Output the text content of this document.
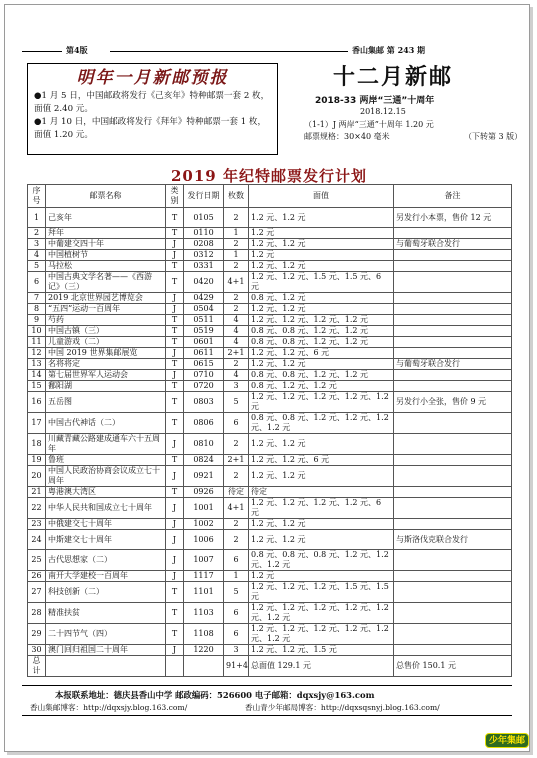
第4版	香山集邮 第 243 期
明年一月新邮预报
●1 月 5 日，中国邮政将发行《己亥年》特种邮票一套 2 枚，面值 2.40 元。
●1 月 10 日，中国邮政将发行《拜年》特种邮票一套 1 枚，面值 1.20 元。
十二月新邮
2018-33 两岸“三通”十周年
2018.12.15
（1-1）J 两岸“三通”十周年 1.20 元
邮票规格：30×40 毫米	（下转第 3 版）
2019 年纪特邮票发行计划
序号	邮票名称	类别	发行日期	枚数	面值	备注
1	己亥年	T	0105	2	1.2 元、1.2 元	另发行小本票，售价 12 元
2	拜年	T	0110	1	1.2 元	
3	中葡建交四十年	J	0208	2	1.2 元、1.2 元	与葡萄牙联合发行
4	中国植树节	J	0312	1	1.2 元	
5	马拉松	T	0331	2	1.2 元、1.2 元	
6	中国古典文学名著——《西游记》（三）	T	0420	4+1	1.2 元、1.2 元、1.5 元、1.5 元、6 元	
7	2019 北京世界园艺博览会	J	0429	2	0.8 元、1.2 元	
8	“五四”运动一百周年	J	0504	2	1.2 元、1.2 元	
9	芍药	T	0511	4	1.2 元、1.2 元、1.2 元、1.2 元	
10	中国古镇（三）	T	0519	4	0.8 元、0.8 元、1.2 元、1.2 元	
11	儿童游戏（二）	T	0601	4	0.8 元、0.8 元、1.2 元、1.2 元	
12	中国 2019 世界集邮展览	J	0611	2+1	1.2 元、1.2 元、6 元	
13	名将将定	T	0615	2	1.2 元、1.2 元	与葡萄牙联合发行
14	第七届世界军人运动会	J	0710	4	0.8 元、0.8 元、1.2 元、1.2 元	
15	鄱阳湖	T	0720	3	0.8 元、1.2 元、1.2 元	
16	五岳图	T	0803	5	1.2 元、1.2 元、1.2 元、1.2 元、1.2 元	另发行小全张，售价 9 元
17	中国古代神话（二）	T	0806	6	0.8 元、0.8 元、1.2 元、1.2 元、1.2 元、1.2 元	
18	川藏青藏公路建成通车六十五周年	J	0810	2	1.2 元、1.2 元	
19	鲁班	T	0824	2+1	1.2 元、1.2 元、6 元	
20	中国人民政治协商会议成立七十周年	J	0921	2	1.2 元、1.2 元	
21	粤港澳大湾区	T	0926	待定	待定	
22	中华人民共和国成立七十周年	J	1001	4+1	1.2 元、1.2 元、1.2 元、1.2 元、6 元	
23	中俄建交七十周年	J	1002	2	1.2 元、1.2 元	
24	中斯建交七十周年	J	1006	2	1.2 元、1.2 元	与斯洛伐克联合发行
25	古代思想家（二）	J	1007	6	0.8 元、0.8 元、0.8 元、1.2 元、1.2 元、1.2 元	
26	南开大学建校一百周年	J	1117	1	1.2 元	
27	科技创新（二）	T	1101	5	1.2 元、1.2 元、1.2 元、1.5 元、1.5 元	
28	精准扶贫	T	1103	6	1.2 元、1.2 元、1.2 元、1.2 元、1.2 元、1.2 元	
29	二十四节气（四）	T	1108	6	1.2 元、1.2 元、1.2 元、1.2 元、1.2 元、1.2 元	
30	澳门回归祖国二十周年	J	1220	3	1.2 元、1.2 元、1.5 元	
总计				91+4	总面值 129.1 元	总售价 150.1 元
本报联系地址：德庆县香山中学 邮政编码：526600 电子邮箱：dqxsjy@163.com
香山集邮博客：http://dqxsjy.blog.163.com/	香山青少年邮局博客：http://dqxsqsnyj.blog.163.com/
少年集邮
